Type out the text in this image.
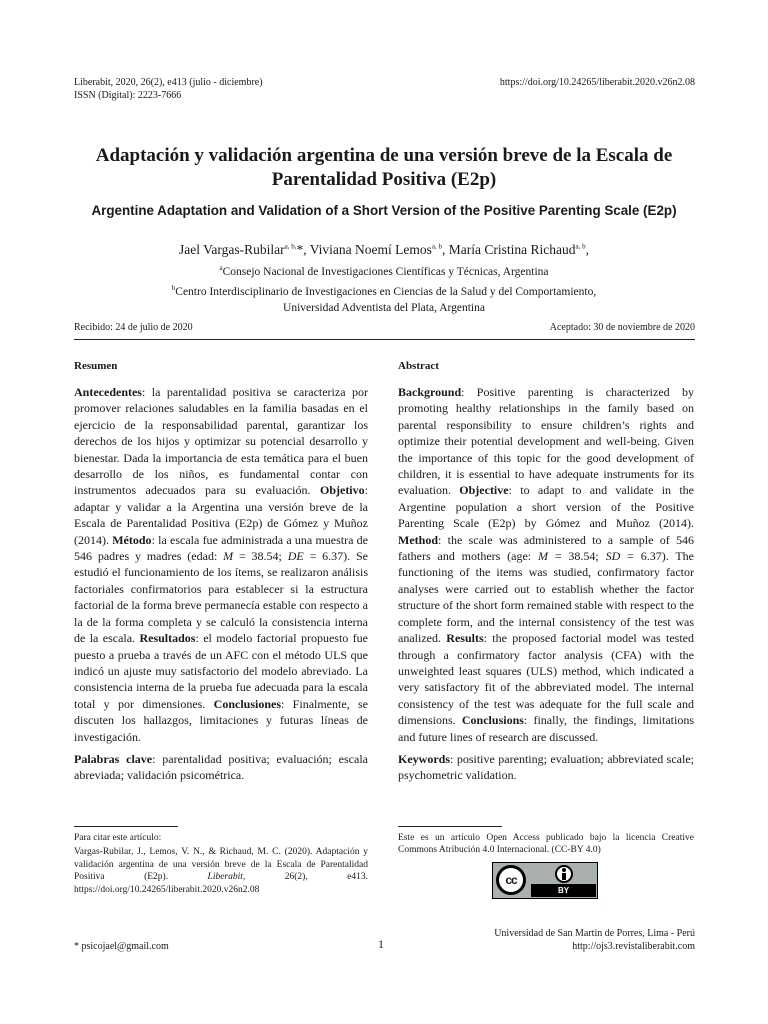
Liberabit, 2020, 26(2), e413 (julio - diciembre)
ISSN (Digital): 2223-7666
https://doi.org/10.24265/liberabit.2020.v26n2.08
Adaptación y validación argentina de una versión breve de la Escala de Parentalidad Positiva (E2p)
Argentine Adaptation and Validation of a Short Version of the Positive Parenting Scale (E2p)
Jael Vargas-Rubilar$^{a, b,}$*, Viviana Noemí Lemos$^{a, b}$, María Cristina Richaud$^{a, b}$,
$^a$Consejo Nacional de Investigaciones Científicas y Técnicas, Argentina
$^b$Centro Interdisciplinario de Investigaciones en Ciencias de la Salud y del Comportamiento,
Universidad Adventista del Plata, Argentina
Recibido: 24 de julio de 2020	Aceptado: 30 de noviembre de 2020

Resumen

Antecedentes: la parentalidad positiva se caracteriza por promover relaciones saludables en la familia basadas en el ejercicio de la responsabilidad parental, garantizar los derechos de los hijos y optimizar su potencial desarrollo y bienestar. Dada la importancia de esta temática para el buen desarrollo de los niños, es fundamental contar con instrumentos adecuados para su evaluación. Objetivo: adaptar y validar a la Argentina una versión breve de la Escala de Parentalidad Positiva (E2p) de Gómez y Muñoz (2014). Método: la escala fue administrada a una muestra de 546 padres y madres (edad: M = 38.54; DE = 6.37). Se estudió el funcionamiento de los ítems, se realizaron análisis factoriales confirmatorios para establecer si la estructura factorial de la forma breve permanecía estable con respecto a la de la forma completa y se calculó la consistencia interna de la escala. Resultados: el modelo factorial propuesto fue puesto a prueba a través de un AFC con el método ULS que indicó un ajuste muy satisfactorio del modelo abreviado. La consistencia interna de la prueba fue adecuada para la escala total y por dimensiones. Conclusiones: Finalmente, se discuten los hallazgos, limitaciones y futuras líneas de investigación.

Palabras clave: parentalidad positiva; evaluación; escala abreviada; validación psicométrica.

Abstract

Background: Positive parenting is characterized by promoting healthy relationships in the family based on parental responsibility to ensure children’s rights and optimize their potential development and well-being. Given the importance of this topic for the good development of children, it is essential to have adequate instruments for its evaluation. Objective: to adapt to and validate in the Argentine population a short version of the Positive Parenting Scale (E2p) by Gómez and Muñoz (2014). Method: the scale was administered to a sample of 546 fathers and mothers (age: M = 38.54; SD = 6.37). The functioning of the items was studied, confirmatory factor analyses were carried out to establish whether the factor structure of the short form remained stable with respect to the complete form, and the internal consistency of the test was analized. Results: the proposed factorial model was tested through a confirmatory factor analysis (CFA) with the unweighted least squares (ULS) method, which indicated a very satisfactory fit of the abbreviated model. The internal consistency of the test was adequate for the full scale and dimensions. Conclusions: finally, the findings, limitations and future lines of research are discussed.

Keywords: positive parenting; evaluation; abbreviated scale; psychometric validation.

Para citar este artículo:

Vargas-Rubilar, J., Lemos, V. N., & Richaud, M. C. (2020). Adaptación y validación argentina de una versión breve de la Escala de Parentalidad Positiva (E2p). Liberabit, 26(2), e413. https://doi.org/10.24265/liberabit.2020.v26n2.08

Este es un artículo Open Access publicado bajo la licencia Creative Commons Atribución 4.0 Internacional. (CC-BY 4.0)
cc
BY
* psicojael@gmail.com	1
Universidad de San Martín de Porres, Lima - Perú
http://ojs3.revistaliberabit.com
